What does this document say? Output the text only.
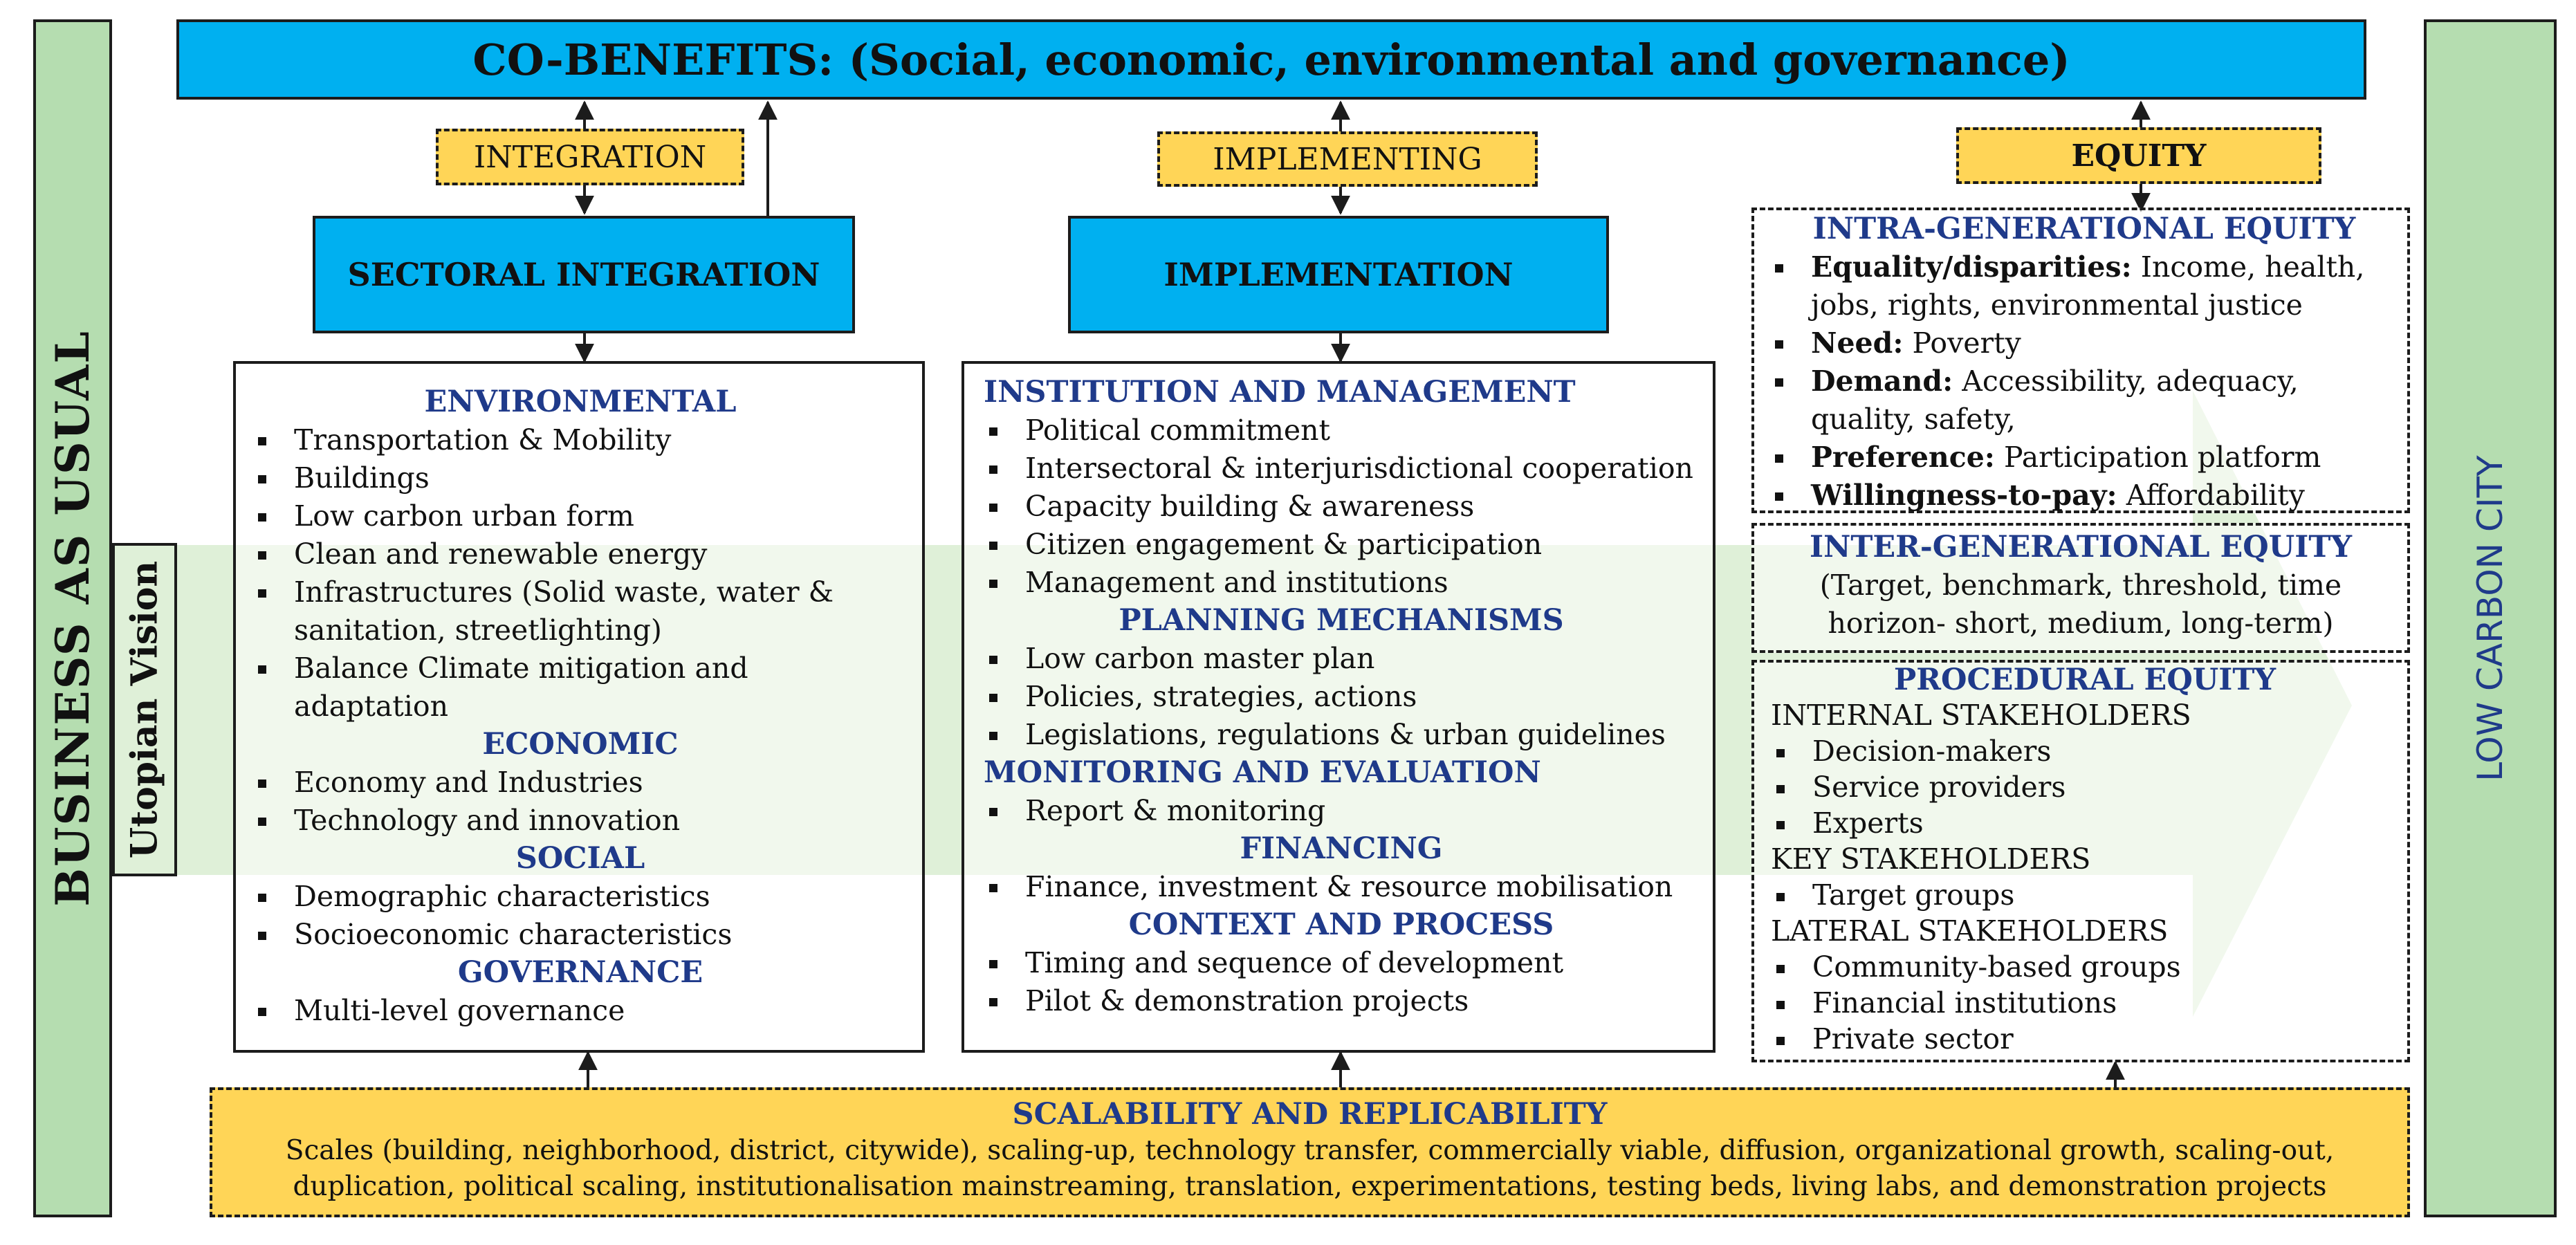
BUSINESS AS USUAL	LOW CARBON CITY
Utopian Vision
CO-BENEFITS: (Social, economic, environmental and governance)
INTEGRATION	IMPLEMENTING	EQUITY
SECTORAL INTEGRATION	IMPLEMENTATION
ENVIRONMENTAL
Transportation & Mobility
Buildings
Low carbon urban form
Clean and renewable energy
Infrastructures (Solid waste, water & sanitation, streetlighting)
Balance Climate mitigation and adaptation
ECONOMIC
Economy and Industries
Technology and innovation
SOCIAL
Demographic characteristics
Socioeconomic characteristics
GOVERNANCE
Multi-level governance
INSTITUTION AND MANAGEMENT
Political commitment
Intersectoral & interjurisdictional cooperation
Capacity building & awareness
Citizen engagement & participation
Management and institutions
PLANNING MECHANISMS
Low carbon master plan
Policies, strategies, actions
Legislations, regulations & urban guidelines
MONITORING AND EVALUATION
Report & monitoring
FINANCING
Finance, investment & resource mobilisation
CONTEXT AND PROCESS
Timing and sequence of development
Pilot & demonstration projects
INTRA-GENERATIONAL EQUITY
Equality/disparities: Income, health, jobs, rights, environmental justice
Need: Poverty
Demand: Accessibility, adequacy, quality, safety,
Preference: Participation platform
Willingness-to-pay: Affordability
INTER-GENERATIONAL EQUITY
(Target, benchmark, threshold, time horizon- short, medium, long-term)
PROCEDURAL EQUITY
INTERNAL STAKEHOLDERS
Decision-makers
Service providers
Experts
KEY STAKEHOLDERS
Target groups
LATERAL STAKEHOLDERS
Community-based groups
Financial institutions
Private sector
SCALABILITY AND REPLICABILITY
Scales (building, neighborhood, district, citywide), scaling-up, technology transfer, commercially viable, diffusion, organizational growth, scaling-out, duplication, political scaling, institutionalisation mainstreaming, translation, experimentations, testing beds, living labs, and demonstration projects
